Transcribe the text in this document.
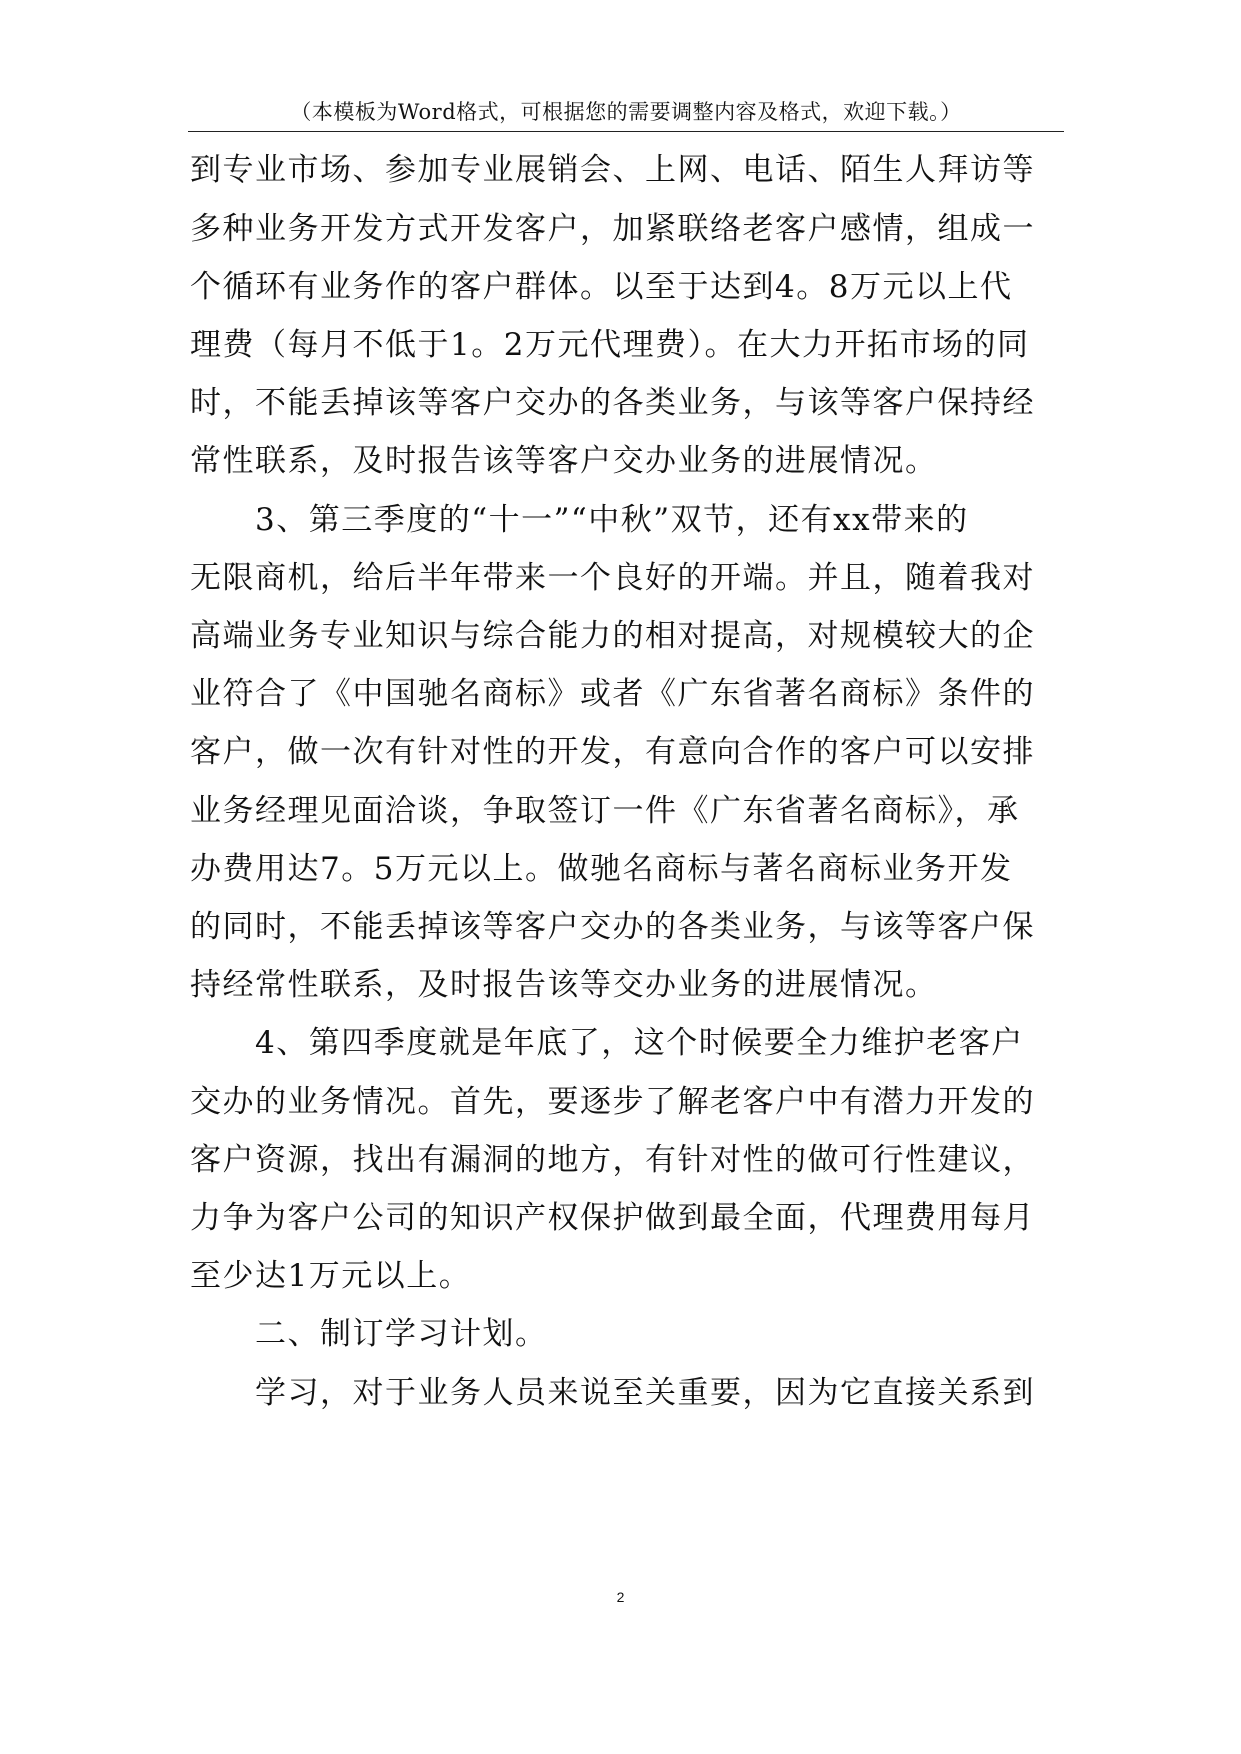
（本模板为Word格式，可根据您的需要调整内容及格式，欢迎下载。）
到专业市场、参加专业展销会、上网、电话、陌生人拜访等
多种业务开发方式开发客户，加紧联络老客户感情，组成一
个循环有业务作的客户群体。以至于达到4。8万元以上代
理费（每月不低于1。2万元代理费）。在大力开拓市场的同
时，不能丢掉该等客户交办的各类业务，与该等客户保持经
常性联系，及时报告该等客户交办业务的进展情况。
3、第三季度的“十一”“中秋”双节，还有xx带来的
无限商机，给后半年带来一个良好的开端。并且，随着我对
高端业务专业知识与综合能力的相对提高，对规模较大的企
业符合了《中国驰名商标》或者《广东省著名商标》条件的
客户，做一次有针对性的开发，有意向合作的客户可以安排
业务经理见面洽谈，争取签订一件《广东省著名商标》，承
办费用达7。5万元以上。做驰名商标与著名商标业务开发
的同时，不能丢掉该等客户交办的各类业务，与该等客户保
持经常性联系，及时报告该等交办业务的进展情况。
4、第四季度就是年底了，这个时候要全力维护老客户
交办的业务情况。首先，要逐步了解老客户中有潜力开发的
客户资源，找出有漏洞的地方，有针对性的做可行性建议，
力争为客户公司的知识产权保护做到最全面，代理费用每月
至少达1万元以上。
二、制订学习计划。
学习，对于业务人员来说至关重要，因为它直接关系到
2
